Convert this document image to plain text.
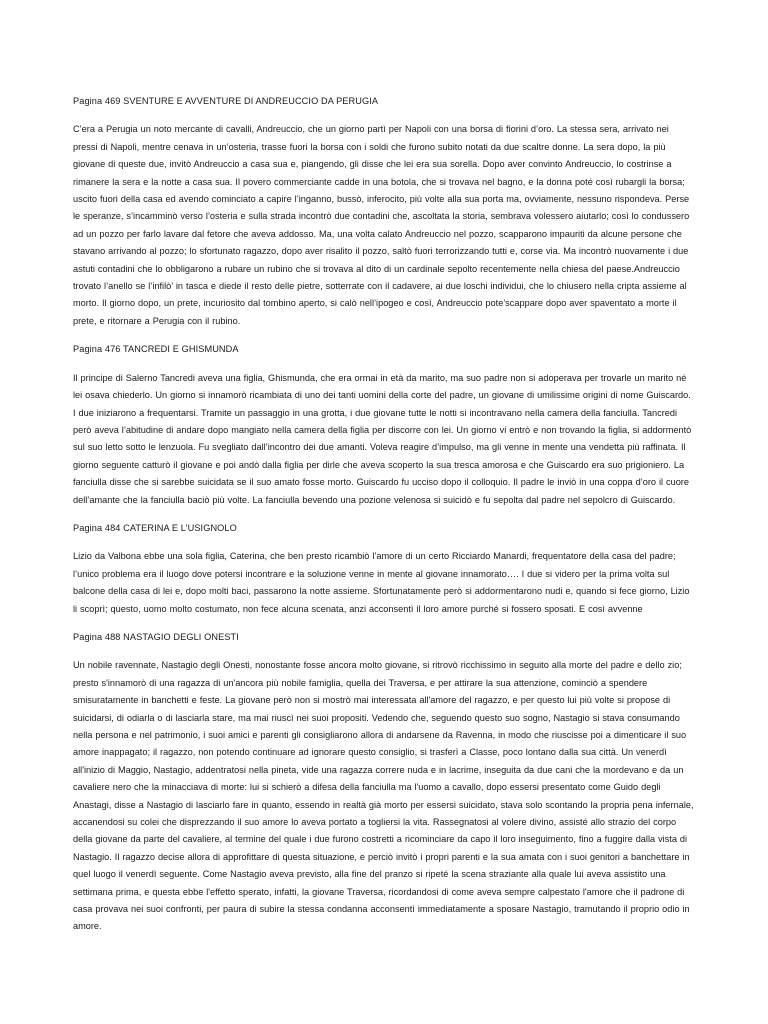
Pagina 469 SVENTURE E AVVENTURE DI ANDREUCCIO DA PERUGIA

C’era a Perugia un noto mercante di cavalli, Andreuccio, che un giorno partì per Napoli con una borsa di fiorini d’oro. La stessa sera, arrivato nei pressi di Napoli, mentre cenava in un’osteria, trasse fuori la borsa con i soldi che furono subito notati da due scaltre donne. La sera dopo, la più giovane di queste due, invitò Andreuccio a casa sua e, piangendo, gli disse che lei era sua sorella. Dopo aver convinto Andreuccio, lo costrinse a rimanere la sera e la notte a casa sua. Il povero commerciante cadde in una botola, che si trovava nel bagno, e la donna poté così rubargli la borsa; uscito fuori della casa ed avendo cominciato a capire l’inganno, bussò, inferocito, più volte alla sua porta ma, ovviamente, nessuno rispondeva. Perse le speranze, s’incamminò verso l’osteria e sulla strada incontrò due contadini che, ascoltata la storia, sembrava volessero aiutarlo; così lo condussero ad un pozzo per farlo lavare dal fetore che aveva addosso. Ma, una volta calato Andreuccio nel pozzo, scapparono impauriti da alcune persone che stavano arrivando al pozzo; lo sfortunato ragazzo, dopo aver risalito il pozzo, saltò fuori terrorizzando tutti e, corse via. Ma incontrò nuovamente i due astuti contadini che lo obbligarono a rubare un rubino che si trovava al dito di un cardinale sepolto recentemente nella chiesa del paese.Andreuccio trovato l’anello se l’infilò’ in tasca e diede il resto delle pietre, sotterrate con il cadavere, ai due loschi individui, che lo chiusero nella cripta assieme al morto. Il giorno dopo, un prete, incuriosito dal tombino aperto, si calò nell’ipogeo e così, Andreuccio pote’scappare dopo aver spaventato a morte il prete, e ritornare a Perugia con il rubino.

Pagina 476 TANCREDI E GHISMUNDA

Il principe di Salerno Tancredi aveva una figlia, Ghismunda, che era ormai in età da marito, ma suo padre non si adoperava per trovarle un marito né lei osava chiederlo. Un giorno si innamorò ricambiata di uno dei tanti uomini della corte del padre, un giovane di umilissime origini di nome Guiscardo. I due iniziarono a frequentarsi. Tramite un passaggio in una grotta, i due giovane tutte le notti si incontravano nella camera della fanciulla. Tancredi però aveva l’abitudine di andare dopo mangiato nella camera della figlia per discorre con lei. Un giorno vi entrò e non trovando la figlia, si addormentò sul suo letto sotto le lenzuola. Fu svegliato dall’incontro dei due amanti. Voleva reagire d’impulso, ma gli venne in mente una vendetta più raffinata. Il giorno seguente catturò il giovane e poi andò dalla figlia per dirle che aveva scoperto la sua tresca amorosa e che Guiscardo era suo prigioniero. La fanciulla disse che si sarebbe suicidata se il suo amato fosse morto. Guiscardo fu ucciso dopo il colloquio. Il padre le inviò in una coppa d’oro il cuore dell’amante che la fanciulla baciò più volte. La fanciulla bevendo una pozione velenosa si suicidò e fu sepolta dal padre nel sepolcro di Guiscardo.

Pagina 484 CATERINA E L’USIGNOLO

Lizio da Valbona ebbe una sola figlia, Caterina, che ben presto ricambiò l’amore di un certo Ricciardo Manardi, frequentatore della casa del padre; l’unico problema era il luogo dove potersi incontrare e la soluzione venne in mente al giovane innamorato…. I due si videro per la prima volta sul balcone della casa di lei e, dopo molti baci, passarono la notte assieme. Sfortunatamente però si addormentarono nudi e, quando si fece giorno, Lizio li scoprì; questo, uomo molto costumato, non fece alcuna scenata, anzi acconsentì il loro amore purché si fossero sposati. E così avvenne

Pagina 488 NASTAGIO DEGLI ONESTI

Un nobile ravennate, Nastagio degli Onesti, nonostante fosse ancora molto giovane, si ritrovò ricchissimo in seguito alla morte del padre e dello zio; presto s'innamorò di una ragazza di un'ancora più nobile famiglia, quella dei Traversa, e per attirare la sua attenzione, cominciò a spendere smisuratamente in banchetti e feste. La giovane però non si mostrò mai interessata all'amore del ragazzo, e per questo lui più volte si propose di suicidarsi, di odiarla o di lasciarla stare, ma mai riuscì nei suoi propositi. Vedendo che, seguendo questo suo sogno, Nastagio si stava consumando nella persona e nel patrimonio, i suoi amici e parenti gli consigliarono allora di andarsene da Ravenna, in modo che riuscisse poi a dimenticare il suo amore inappagato; il ragazzo, non potendo continuare ad ignorare questo consiglio, si trasferì a Classe, poco lontano dalla sua città. Un venerdì all'inizio di Maggio, Nastagio, addentratosi nella pineta, vide una ragazza correre nuda e in lacrime, inseguita da due cani che la mordevano e da un cavaliere nero che la minacciava di morte: lui si schierò a difesa della fanciulla ma l'uomo a cavallo, dopo essersi presentato come Guido degli Anastagi, disse a Nastagio di lasciarlo fare in quanto, essendo in realtà già morto per essersi suicidato, stava solo scontando la propria pena infernale, accanendosi su colei che disprezzando il suo amore lo aveva portato a togliersi la vita. Rassegnatosi al volere divino, assisté allo strazio del corpo della giovane da parte del cavaliere, al termine del quale i due furono costretti a ricominciare da capo il loro inseguimento, fino a fuggire dalla vista di Nastagio. Il ragazzo decise allora di approfittare di questa situazione, e perciò invitò i propri parenti e la sua amata con i suoi genitori a banchettare in quel luogo il venerdì seguente. Come Nastagio aveva previsto, alla fine del pranzo si ripeté la scena straziante alla quale lui aveva assistito una settimana prima, e questa ebbe l'effetto sperato, infatti, la giovane Traversa, ricordandosi di come aveva sempre calpestato l'amore che il padrone di casa provava nei suoi confronti, per paura di subire la stessa condanna acconsentì immediatamente a sposare Nastagio, tramutando il proprio odio in amore.
